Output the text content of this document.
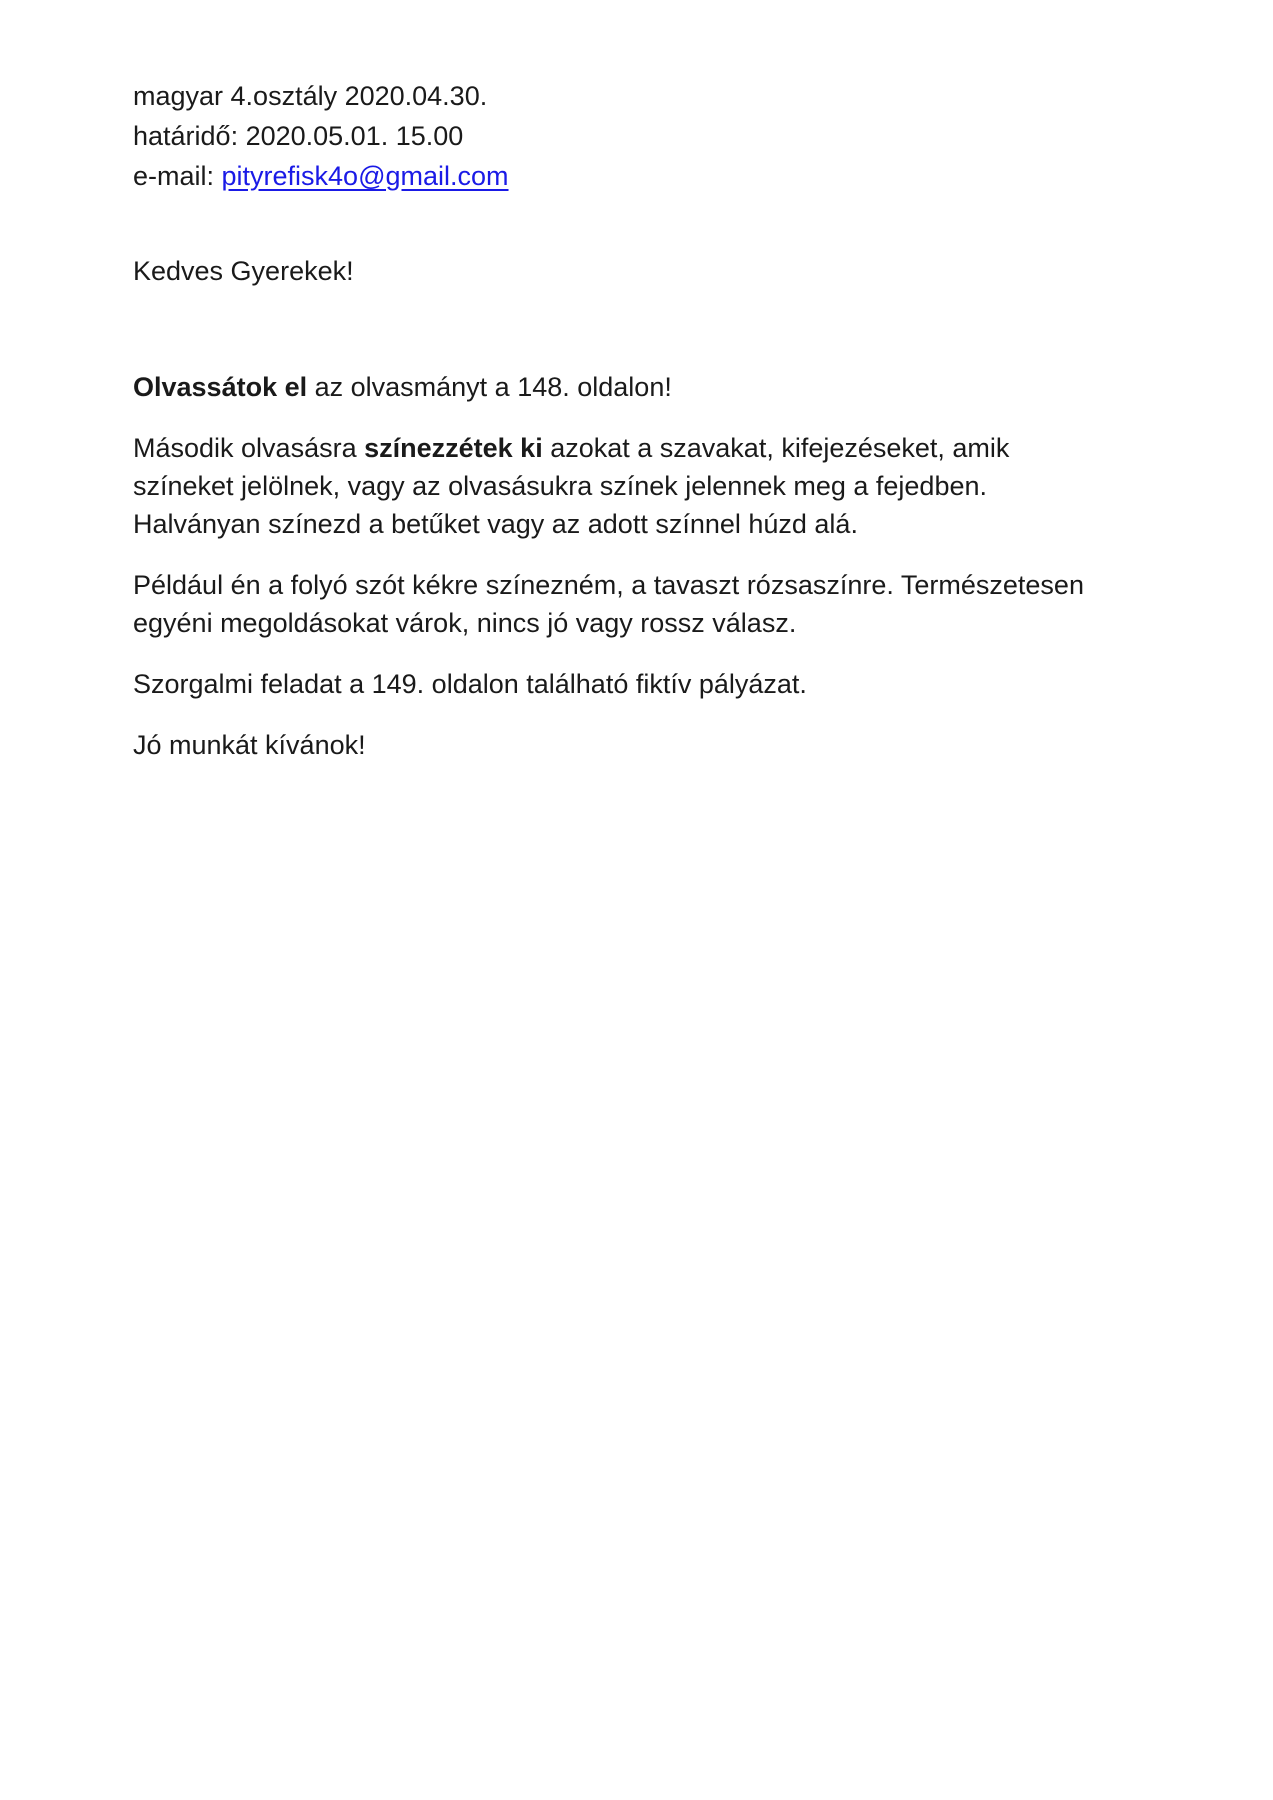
magyar 4.osztály 2020.04.30.
határidő: 2020.05.01. 15.00
e-mail: pityrefisk4o@gmail.com
Kedves Gyerekek!

Olvassátok el az olvasmányt a 148. oldalon!

Második olvasásra színezzétek ki azokat a szavakat, kifejezéseket, amik színeket jelölnek, vagy az olvasásukra színek jelennek meg a fejedben. Halványan színezd a betűket vagy az adott színnel húzd alá.

Például én a folyó szót kékre színezném, a tavaszt rózsaszínre. Természetesen egyéni megoldásokat várok, nincs jó vagy rossz válasz.

Szorgalmi feladat a 149. oldalon található fiktív pályázat.

Jó munkát kívánok!
